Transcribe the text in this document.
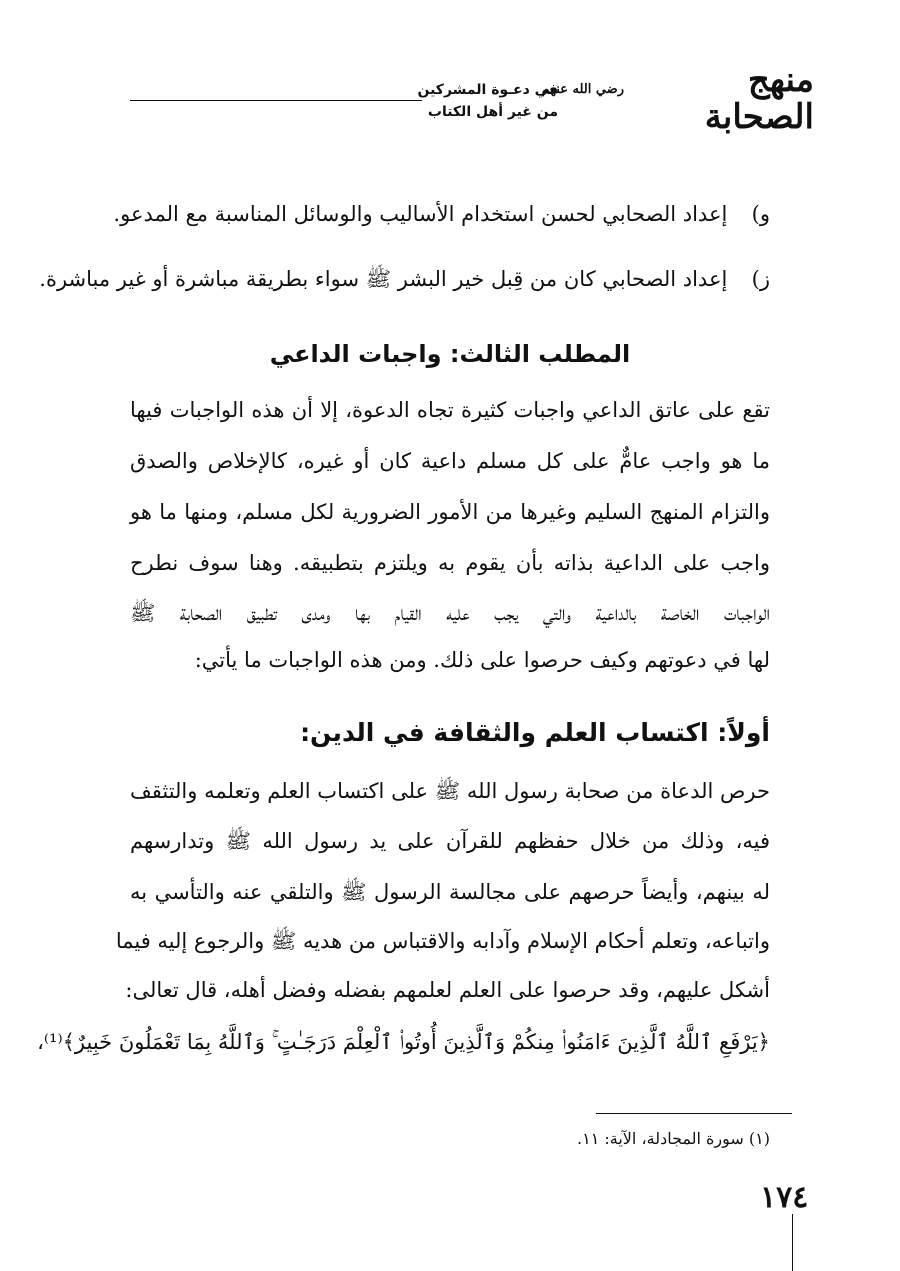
منهج الصحابة
رضي الله عنهم
في دعـوة المشركين
من غير أهل الكتاب
و) إعداد الصحابي لحسن استخدام الأساليب والوسائل المناسبة مع المدعو.
ز) إعداد الصحابي كان من قِبل خير البشر ﷺ سواء بطريقة مباشرة أو غير مباشرة.
المطلب الثالث: واجبات الداعي
تقع على عاتق الداعي واجبات كثيرة تجاه الدعوة، إلا أن هذه الواجبات فيها
ما هو واجب عامٌّ على كل مسلم داعية كان أو غيره، كالإخلاص والصدق
والتزام المنهج السليم وغيرها من الأمور الضرورية لكل مسلم، ومنها ما هو
واجب على الداعية بذاته بأن يقوم به ويلتزم بتطبيقه. وهنا سوف نطرح
الواجبات الخاصة بالداعية والتي يجب عليه القيام بها ومدى تطبيق الصحابة ﷺ
لها في دعوتهم وكيف حرصوا على ذلك. ومن هذه الواجبات ما يأتي:
أولاً: اكتساب العلم والثقافة في الدين:
حرص الدعاة من صحابة رسول الله ﷺ على اكتساب العلم وتعلمه والتثقف
فيه، وذلك من خلال حفظهم للقرآن على يد رسول الله ﷺ وتدارسهم
له بينهم، وأيضاً حرصهم على مجالسة الرسول ﷺ والتلقي عنه والتأسي به
واتباعه، وتعلم أحكام الإسلام وآدابه والاقتباس من هديه ﷺ والرجوع إليه فيما
أشكل عليهم، وقد حرصوا على العلم لعلمهم بفضله وفضل أهله، قال تعالى:
﴿يَرْفَعِ ٱللَّهُ ٱلَّذِينَ ءَامَنُوا۟ مِنكُمْ وَٱلَّذِينَ أُوتُوا۟ ٱلْعِلْمَ دَرَجَـٰتٍ ۚ وَٱللَّهُ بِمَا تَعْمَلُونَ خَبِيرٌ﴾⁽¹⁾،
(١) سورة المجادلة، الآية: ١١.
١٧٤
